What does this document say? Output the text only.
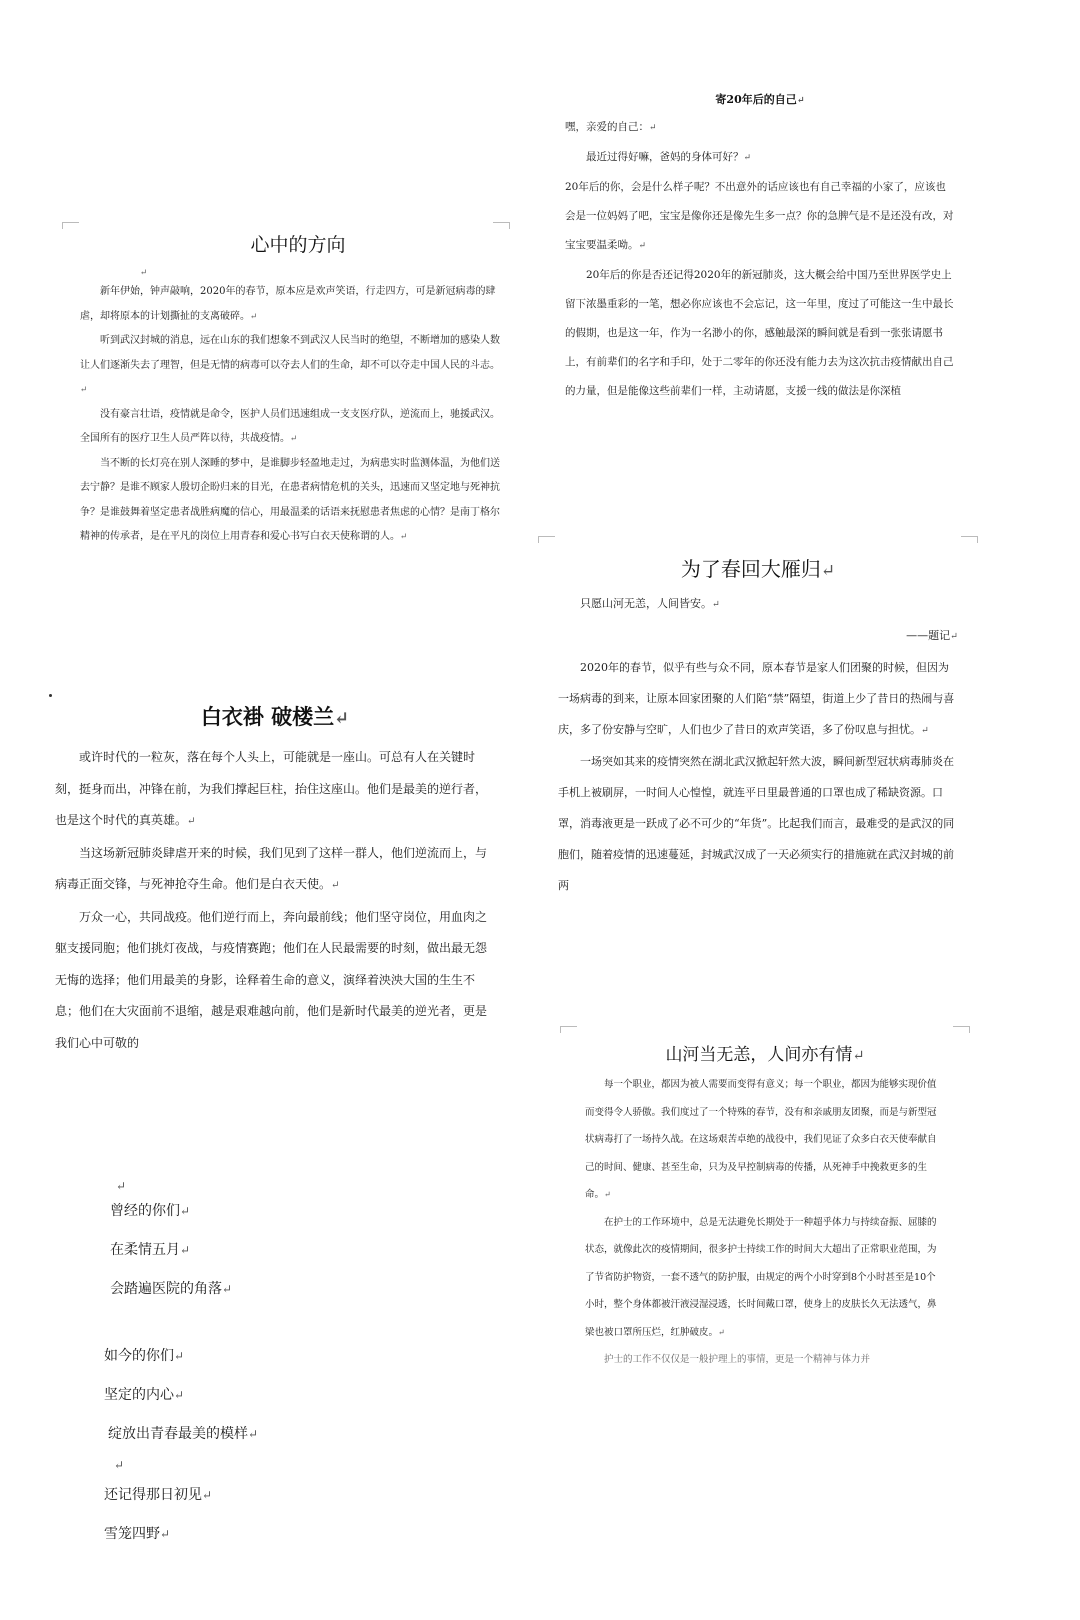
心中的方向
↵

新年伊始，钟声敲响，2020年的春节，原本应是欢声笑语，行走四方，可是新冠病毒的肆虐，却将原本的计划撕扯的支离破碎。↵

听到武汉封城的消息，远在山东的我们想象不到武汉人民当时的绝望，不断增加的感染人数让人们逐渐失去了理智，但是无情的病毒可以夺去人们的生命，却不可以夺走中国人民的斗志。↵

没有豪言壮语，疫情就是命令，医护人员们迅速组成一支支医疗队，逆流而上，驰援武汉。全国所有的医疗卫生人员严阵以待，共战疫情。↵

当不断的长灯亮在别人深睡的梦中，是谁脚步轻盈地走过，为病患实时监测体温，为他们送去宁静？是谁不顾家人殷切企盼归来的目光，在患者病情危机的关头，迅速而又坚定地与死神抗争？是谁鼓舞着坚定患者战胜病魔的信心，用最温柔的话语来抚慰患者焦虑的心情？是南丁格尔精神的传承者，是在平凡的岗位上用青春和爱心书写白衣天使称谓的人。↵

寄20年后的自己↵

嘿，亲爱的自己：↵

最近过得好嘛，爸妈的身体可好？↵

20年后的你，会是什么样子呢？不出意外的话应该也有自己幸福的小家了，应该也会是一位妈妈了吧，宝宝是像你还是像先生多一点？你的急脾气是不是还没有改，对宝宝要温柔呦。↵

20年后的你是否还记得2020年的新冠肺炎，这大概会给中国乃至世界医学史上留下浓墨重彩的一笔，想必你应该也不会忘记，这一年里，度过了可能这一生中最长的假期，也是这一年，作为一名渺小的你，感触最深的瞬间就是看到一张张请愿书上，有前辈们的名字和手印，处于二零年的你还没有能力去为这次抗击疫情献出自己的力量，但是能像这些前辈们一样，主动请愿，支援一线的做法是你深植

白衣褂 破楼兰↵

或许时代的一粒灰，落在每个人头上，可能就是一座山。可总有人在关键时刻，挺身而出，冲锋在前，为我们撑起巨柱，抬住这座山。他们是最美的逆行者，也是这个时代的真英雄。↵

当这场新冠肺炎肆虐开来的时候，我们见到了这样一群人，他们逆流而上，与病毒正面交锋，与死神抢夺生命。他们是白衣天使。↵

万众一心，共同战疫。他们逆行而上，奔向最前线；他们坚守岗位，用血肉之躯支援同胞；他们挑灯夜战，与疫情赛跑；他们在人民最需要的时刻，做出最无怨无悔的选择；他们用最美的身影，诠释着生命的意义，演绎着泱泱大国的生生不息；他们在大灾面前不退缩，越是艰难越向前，他们是新时代最美的逆光者，更是我们心中可敬的

为了春回大雁归↵

只愿山河无恙，人间皆安。↵

——题记↵

2020年的春节，似乎有些与众不同，原本春节是家人们团聚的时候，但因为一场病毒的到来，让原本回家团聚的人们陷“禁”隔望，街道上少了昔日的热闹与喜庆，多了份安静与空旷，人们也少了昔日的欢声笑语，多了份叹息与担忧。↵

一场突如其来的疫情突然在湖北武汉掀起轩然大波，瞬间新型冠状病毒肺炎在手机上被刷屏，一时间人心惶惶，就连平日里最普通的口罩也成了稀缺资源。口罩，消毒液更是一跃成了必不可少的“年货”。比起我们而言，最难受的是武汉的同胞们，随着疫情的迅速蔓延，封城武汉成了一天必须实行的措施就在武汉封城的前两

山河当无恙，人间亦有情↵

每一个职业，都因为被人需要而变得有意义；每一个职业，都因为能够实现价值而变得令人骄傲。我们度过了一个特殊的春节，没有和亲戚朋友团聚，而是与新型冠状病毒打了一场持久战。在这场艰苦卓绝的战役中，我们见证了众多白衣天使奉献自己的时间、健康、甚至生命，只为及早控制病毒的传播，从死神手中挽救更多的生命。↵

在护士的工作环境中，总是无法避免长期处于一种超乎体力与持续奋振、屈膝的状态，就像此次的疫情期间，很多护士持续工作的时间大大超出了正常职业范围，为了节省防护物资，一套不透气的防护服，由规定的两个小时穿到8个小时甚至是10个小时，整个身体都被汗液浸湿浸透，长时间戴口罩，使身上的皮肤长久无法透气，鼻梁也被口罩所压烂，红肿破皮。↵

护士的工作不仅仅是一般护理上的事情，更是一个精神与体力并

↵
曾经的你们↵
在柔情五月↵
会踏遍医院的角落↵
如今的你们↵
坚定的内心↵
绽放出青春最美的模样↵
↵
还记得那日初见↵
雪笼四野↵
